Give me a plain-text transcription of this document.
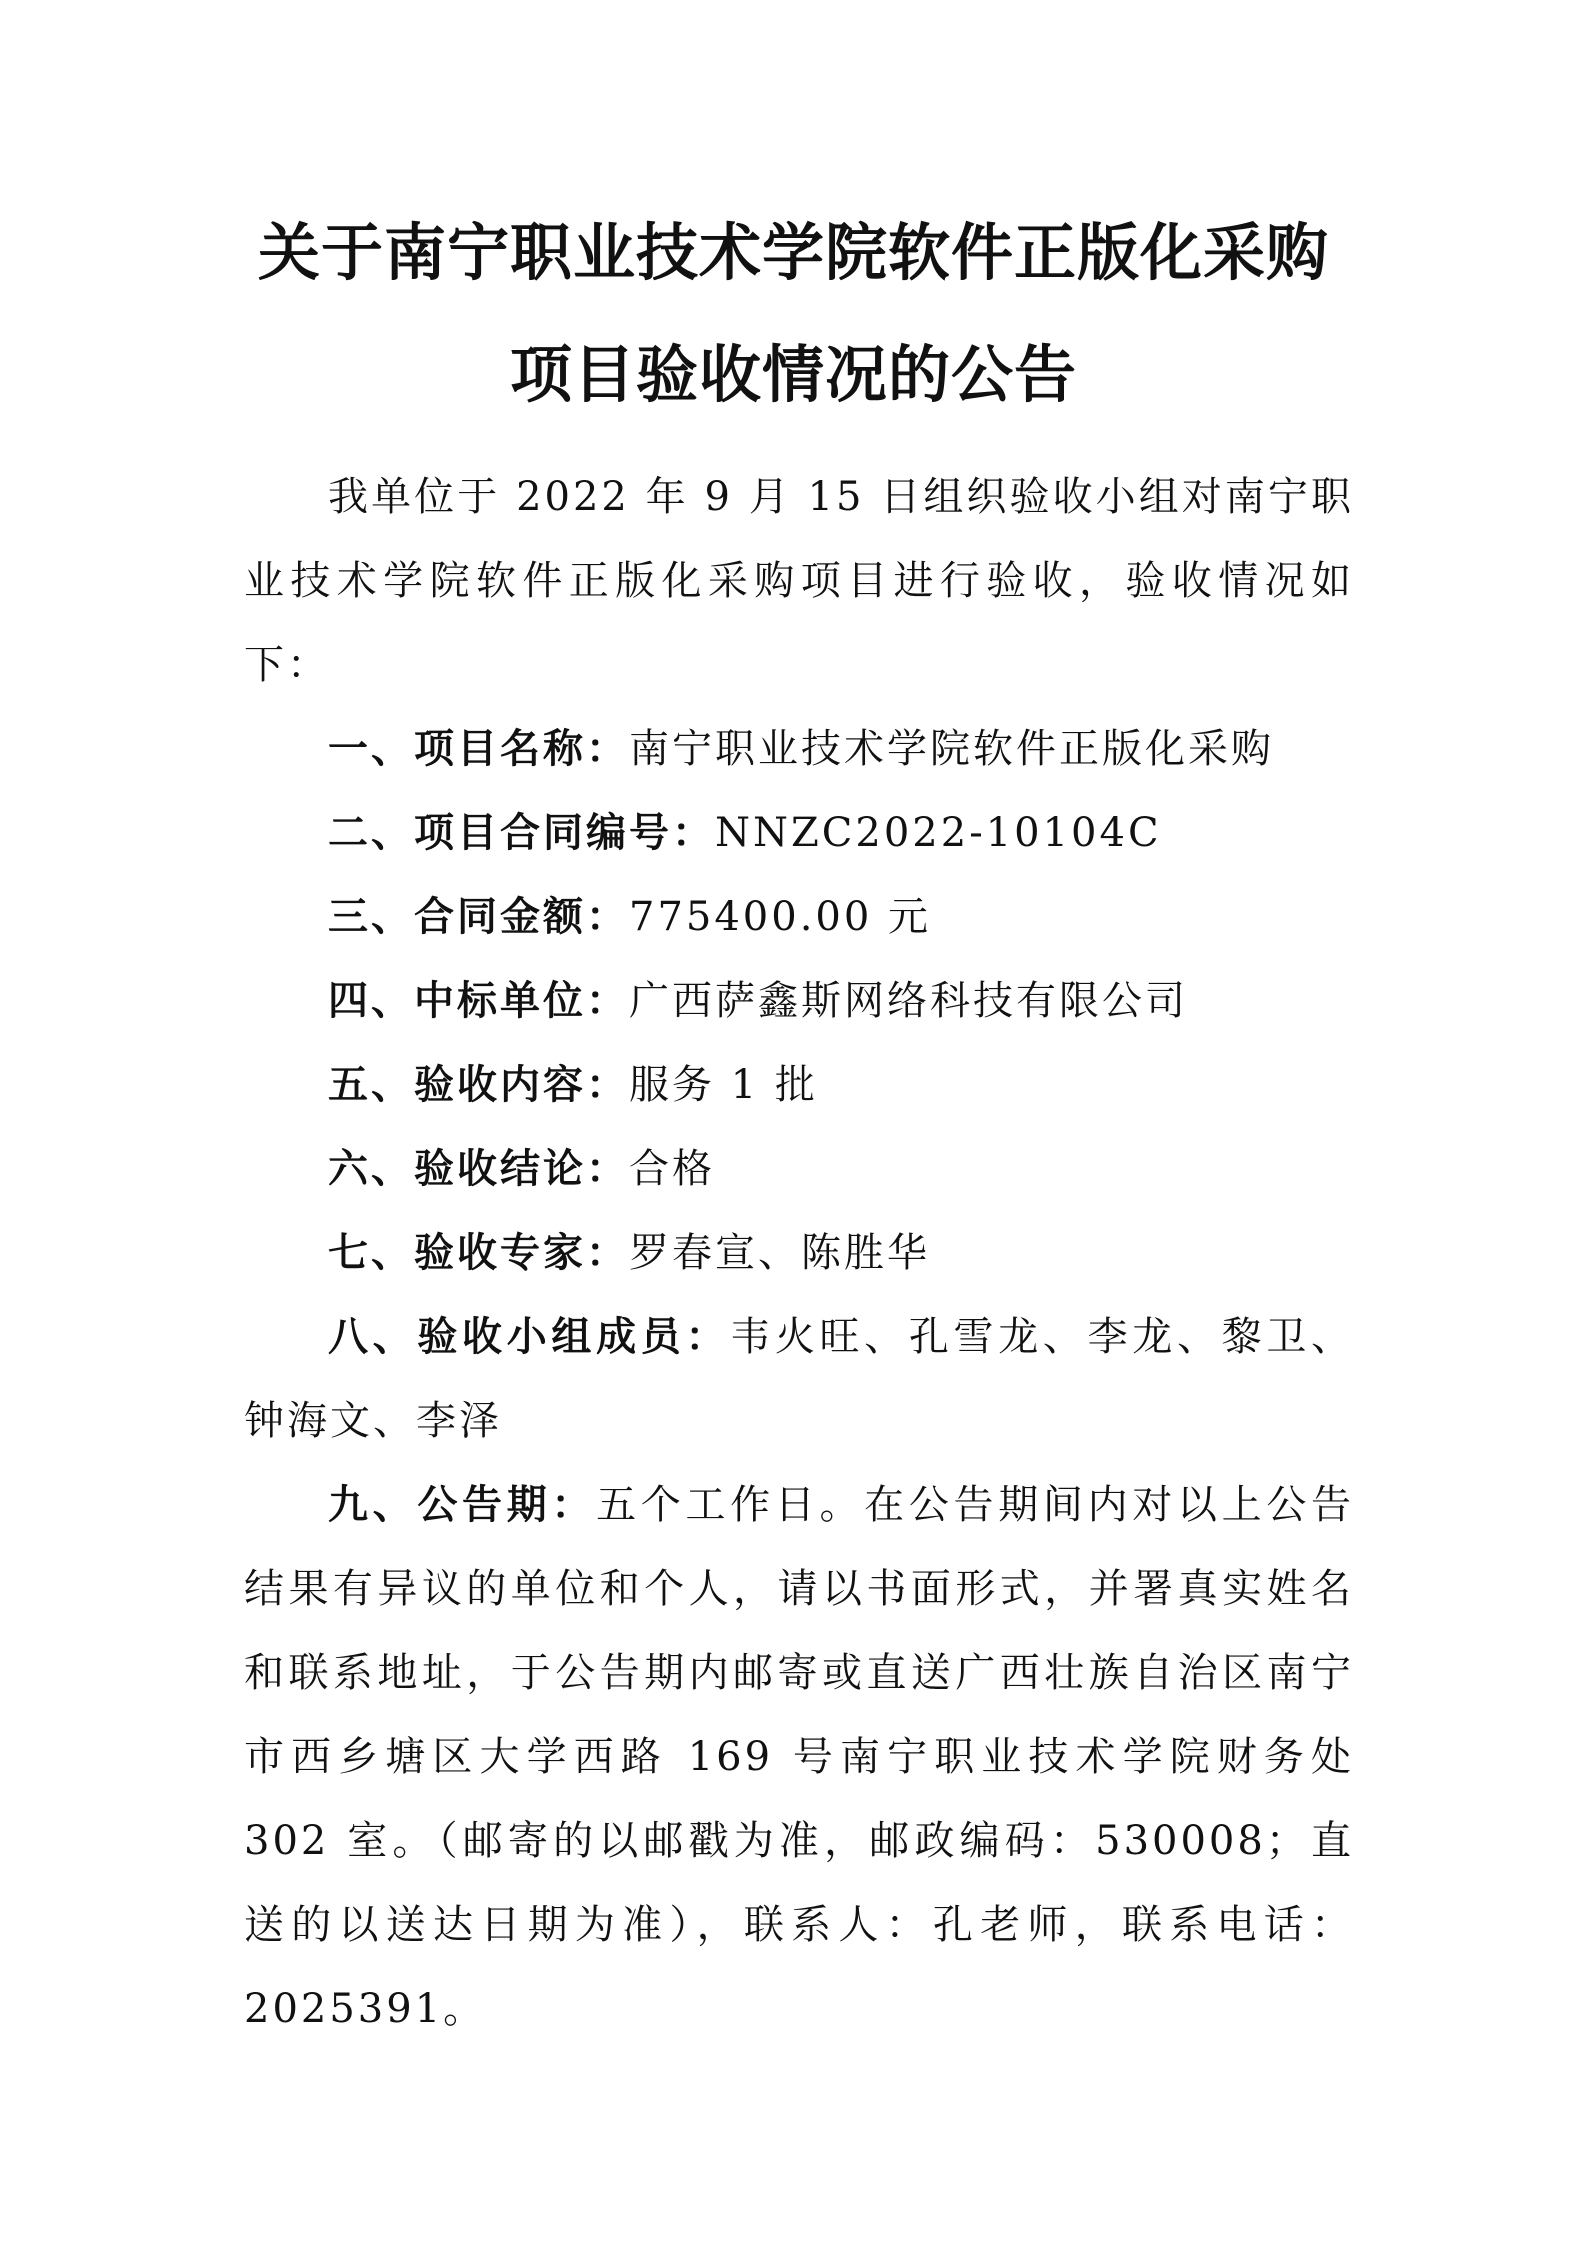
关于南宁职业技术学院软件正版化采购
项目验收情况的公告

我单位于 2022 年 9 月 15 日组织验收小组对南宁职业技术学院软件正版化采购项目进行验收，验收情况如下：

一、项目名称：南宁职业技术学院软件正版化采购

二、项目合同编号：NNZC2022-10104C

三、合同金额：775400.00 元

四、中标单位：广西萨鑫斯网络科技有限公司

五、验收内容：服务 1 批

六、验收结论：合格

七、验收专家：罗春宣、陈胜华

八、验收小组成员：韦火旺、孔雪龙、李龙、黎卫、钟海文、李泽

九、公告期：五个工作日。在公告期间内对以上公告结果有异议的单位和个人，请以书面形式，并署真实姓名和联系地址，于公告期内邮寄或直送广西壮族自治区南宁市西乡塘区大学西路 169 号南宁职业技术学院财务处 302 室。（邮寄的以邮戳为准，邮政编码：530008；直送的以送达日期为准），联系人：孔老师，联系电话：2025391。
